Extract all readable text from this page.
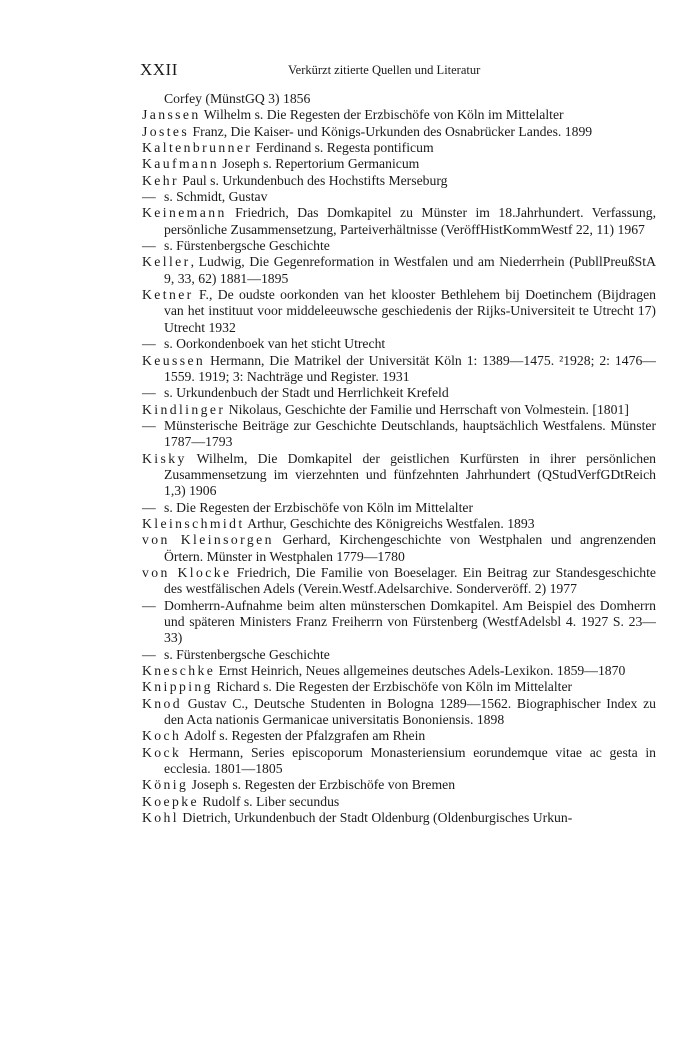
XXII	Verkürzt zitierte Quellen und Literatur

Corfey (MünstGQ 3) 1856

Janssen Wilhelm s. Die Regesten der Erzbischöfe von Köln im Mittelalter

Jostes Franz, Die Kaiser- und Königs-Urkunden des Osnabrücker Landes. 1899

Kaltenbrunner Ferdinand s. Regesta pontificum

Kaufmann Joseph s. Repertorium Germanicum

Kehr Paul s. Urkundenbuch des Hochstifts Merseburg

— s. Schmidt, Gustav

Keinemann Friedrich, Das Domkapitel zu Münster im 18.Jahrhundert. Verfassung, persönliche Zusammensetzung, Parteiverhältnisse (VeröffHistKommWestf 22, 11) 1967

— s. Fürstenbergsche Geschichte

Keller, Ludwig, Die Gegenreformation in Westfalen und am Niederrhein (PubllPreußStA 9, 33, 62) 1881—1895

Ketner F., De oudste oorkonden van het klooster Bethlehem bij Doetinchem (Bijdragen van het instituut voor middeleeuwsche geschiedenis der Rijks-Universiteit te Utrecht 17) Utrecht 1932

— s. Oorkondenboek van het sticht Utrecht

Keussen Hermann, Die Matrikel der Universität Köln 1: 1389—1475. ²1928; 2: 1476—1559. 1919; 3: Nachträge und Register. 1931

— s. Urkundenbuch der Stadt und Herrlichkeit Krefeld

Kindlinger Nikolaus, Geschichte der Familie und Herrschaft von Volmestein. [1801]

— Münsterische Beiträge zur Geschichte Deutschlands, hauptsächlich Westfalens. Münster 1787—1793

Kisky Wilhelm, Die Domkapitel der geistlichen Kurfürsten in ihrer persönlichen Zusammensetzung im vierzehnten und fünfzehnten Jahrhundert (QStudVerfGDtReich 1,3) 1906

— s. Die Regesten der Erzbischöfe von Köln im Mittelalter

Kleinschmidt Arthur, Geschichte des Königreichs Westfalen. 1893

von Kleinsorgen Gerhard, Kirchengeschichte von Westphalen und angrenzenden Örtern. Münster in Westphalen 1779—1780

von Klocke Friedrich, Die Familie von Boeselager. Ein Beitrag zur Standesgeschichte des westfälischen Adels (Verein.Westf.Adelsarchive. Sonderveröff. 2) 1977

— Domherrn-Aufnahme beim alten münsterschen Domkapitel. Am Beispiel des Domherrn und späteren Ministers Franz Freiherrn von Fürstenberg (WestfAdelsbl 4. 1927 S. 23—33)

— s. Fürstenbergsche Geschichte

Kneschke Ernst Heinrich, Neues allgemeines deutsches Adels-Lexikon. 1859—1870

Knipping Richard s. Die Regesten der Erzbischöfe von Köln im Mittelalter

Knod Gustav C., Deutsche Studenten in Bologna 1289—1562. Biographischer Index zu den Acta nationis Germanicae universitatis Bononiensis. 1898

Koch Adolf s. Regesten der Pfalzgrafen am Rhein

Kock Hermann, Series episcoporum Monasteriensium eorundemque vitae ac gesta in ecclesia. 1801—1805

König Joseph s. Regesten der Erzbischöfe von Bremen

Koepke Rudolf s. Liber secundus

Kohl Dietrich, Urkundenbuch der Stadt Oldenburg (Oldenburgisches Urkun-
